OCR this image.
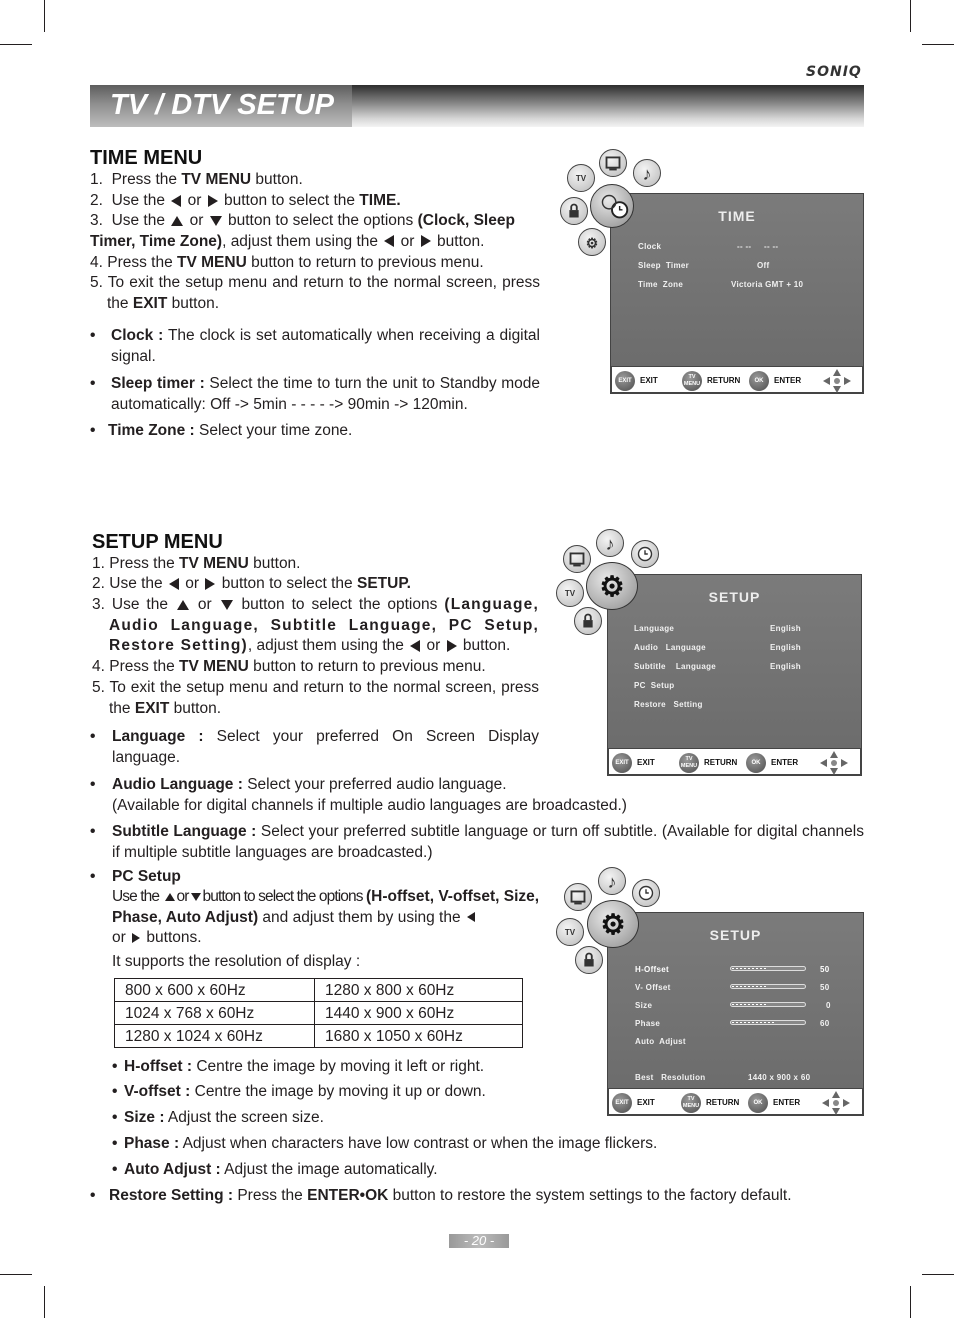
SONIQ
TV / DTV SETUP
TIME MENU
1. Press the TV MENU button.
2. Use the  or  button to select the TIME.
3. Use the  or  button to select the options (Clock, Sleep Timer, Time Zone), adjust them using the  or  button.
4. Press the TV MENU button to return to previous menu.
5. To exit the setup menu and return to the normal screen, press the EXIT button.
• Clock : The clock is set automatically when receiving a digital signal.
• Sleep timer : Select the time to turn the unit to Standby mode automatically: Off -> 5min - - - - -> 90min -> 120min.
• Time Zone : Select your time zone.
TIME
Clock	-- --     -- --
Sleep  Timer	Off
Time  Zone	Victoria GMT + 10
EXIT	EXIT	TV
MENU RETURN	OK	ENTER
♪
TV
⚙
SETUP MENU
1. Press the TV MENU button.
2. Use the  or  button to select the SETUP.
3. Use the  or  button to select the options (Language, Audio Language, Subtitle Language, PC Setup, Restore Setting), adjust them using the  or  button.
4. Press the TV MENU button to return to previous menu.
5. To exit the setup menu and return to the normal screen, press the EXIT button.
• Language : Select your preferred On Screen Display language.
• Audio Language : Select your preferred audio language.
(Available for digital channels if multiple audio languages are broadcasted.)
• Subtitle Language : Select your preferred subtitle language or turn off subtitle. (Available for digital channels if multiple subtitle languages are broadcasted.)
• PC Setup
Use the or button to select the options (H-offset, V-offset, Size, Phase, Auto Adjust) and adjust them by using the
or  buttons.
It supports the resolution of display :
800 x 600 x 60Hz	1280 x 800 x 60Hz
1024 x 768 x 60Hz	1440 x 900 x 60Hz
1280 x 1024 x 60Hz	1680 x 1050 x 60Hz
• H-offset : Centre the image by moving it left or right.
• V-offset : Centre the image by moving it up or down.
• Size : Adjust the screen size.
• Phase : Adjust when characters have low contrast or when the image flickers.
• Auto Adjust : Adjust the image automatically.
• Restore Setting : Press the ENTER•OK button to restore the system settings to the factory default.
SETUP
Language	English
Audio   Language	English
Subtitle    Language	English
PC  Setup
Restore   Setting
EXIT	EXIT	TV
MENU RETURN	OK	ENTER
♪
TV ⚙
SETUP
H-Offset	50
V- Offset	50
Size	0
Phase	60
Auto  Adjust
Best   Resolution	1440 x 900 x 60
EXIT	EXIT	TV
MENU RETURN	OK	ENTER
♪
TV ⚙
- 20 -
